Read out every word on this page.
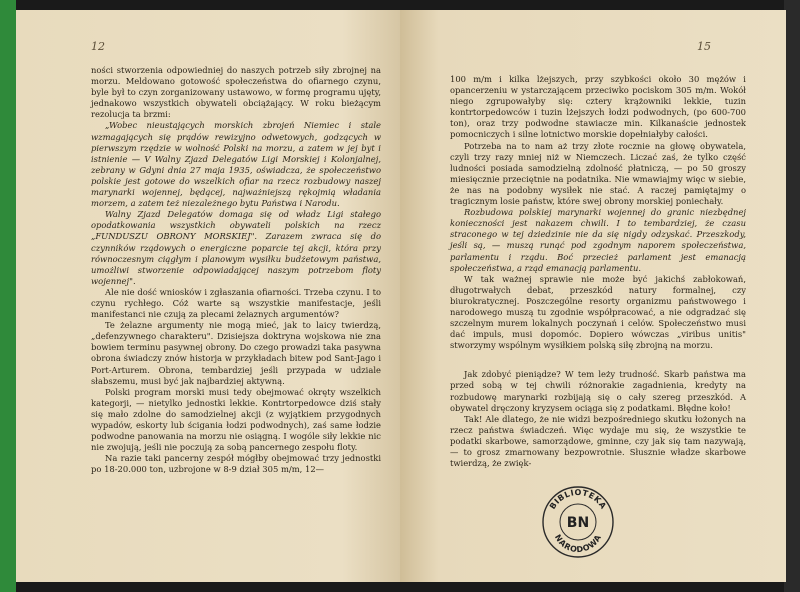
12

ności stworzenia odpowiedniej do naszych potrzeb siły zbrojnej na morzu. Meldowano gotowość społeczeństwa do ofiarnego czynu, byle był to czyn zorganizowany ustawowo, w formę programu ujęty, jednakowo wszystkich obywateli obciążający. W roku bieżącym rezolucja ta brzmi:

„Wobec nieustających morskich zbrojeń Niemiec i stale wzmagających się prądów rewizyjno odwetowych, godzących w pierwszym rzędzie w wolność Polski na morzu, a zatem w jej byt i istnienie — V Walny Zjazd Delegatów Ligi Morskiej i Kolonjalnej, zebrany w Gdyni dnia 27 maja 1935, oświadcza, że społeczeństwo polskie jest gotowe do wszelkich ofiar na rzecz rozbudowy naszej marynarki wojennej, będącej, najważniejszą rękojmią władania morzem, a zatem też niezależnego bytu Państwa i Narodu.

Walny Zjazd Delegatów domaga się od władz Ligi stałego opodatkowania wszystkich obywateli polskich na rzecz „FUNDUSZU OBRONY MORSKIEJ". Zarazem zwraca się do czynników rządowych o energiczne poparcie tej akcji, która przy równoczesnym ciągłym i planowym wysiłku budżetowym państwa, umożliwi stworzenie odpowiadającej naszym potrzebom floty wojennej".

Ale nie dość wniosków i zgłaszania ofiarności. Trzeba czynu. I to czynu rychłego. Cóż warte są wszystkie manifestacje, jeśli manifestanci nie czują za plecami żelaznych argumentów?

Te żelazne argumenty nie mogą mieć, jak to laicy twierdzą, „defenzywnego charakteru". Dzisiejsza doktryna wojskowa nie zna bowiem terminu pasywnej obrony. Do czego prowadzi taka pasywna obrona świadczy znów historja w przykładach bitew pod Sant-Jago i Port-Arturem. Obrona, tembardziej jeśli przypada w udziale słabszemu, musi być jak najbardziej aktywną.

Polski program morski musi tedy obejmować okręty wszelkich kategorji, — nietylko jednostki lekkie. Kontrtorpedowce dziś stały się mało zdolne do samodzielnej akcji (z wyjątkiem przygodnych wypadów, eskorty lub ścigania łodzi podwodnych), zaś same łodzie podwodne panowania na morzu nie osiągną. I wogóle siły lekkie nic nie zwojują, jeśli nie poczują za sobą pancernego zespołu floty.

Na razie taki pancerny zespół mógłby obejmować trzy jednostki po 18-20.000 ton, uzbrojone w 8-9 dział 305 m/m, 12—

15

100 m/m i kilka lżejszych, przy szybkości około 30 mężów i opancerzeniu w ystarczającem przeciwko pociskom 305 m/m. Wokół niego zgrupowałyby się: cztery krążowniki lekkie, tuzin kontrtorpedowców i tuzin lżejszych łodzi podwodnych, (po 600-700 ton), oraz trzy podwodne stawiacze min. Kilkanaście jednostek pomocniczych i silne lotnictwo morskie dopełniałyby całości.

Potrzeba na to nam aż trzy złote rocznie na głowę obywatela, czyli trzy razy mniej niż w Niemczech. Liczać zaś, że tylko część ludności posiada samodzielną zdolność płatniczą, — po 50 groszy miesięcznie przeciętnie na podatnika. Nie wmawiajmy więc w siebie, że nas na podobny wysiłek nie stać. A raczej pamiętajmy o tragicznym losie państw, które swej obrony morskiej poniechały.

Rozbudowa polskiej marynarki wojennej do granic niezbędnej konieczności jest nakazem chwili. I to tembardziej, że czasu straconego w tej dziedzinie nie da się nigdy odzyskać. Przeszkody, jeśli są, — muszą runąć pod zgodnym naporem społeczeństwa, parlamentu i rządu. Boć przecież parlament jest emanacją społeczeństwa, a rząd emanacją parlamentu.

W tak ważnej sprawie nie może być jakichś zabłokowań, długotrwałych debat, przeszkód natury formalnej, czy biurokratycznej. Poszczególne resorty organizmu państwowego i narodowego muszą tu zgodnie współpracować, a nie odgradzać się szczelnym murem lokalnych poczynań i celów. Społeczeństwo musi dać impuls, musi dopomóc. Dopiero wówczas „viribus unitis" stworzymy wspólnym wysiłkiem polską siłę zbrojną na morzu.

Jak zdobyć pieniądze? W tem leży trudność. Skarb państwa ma przed sobą w tej chwili różnorakie zagadnienia, kredyty na rozbudowę marynarki rozbijają się o cały szereg przeszkód. A obywatel dręczony kryzysem ociąga się z podatkami. Błędne koło!

Tak! Ale dlatego, że nie widzi bezpośredniego skutku łożonych na rzecz państwa świadczeń. Więc wydaje mu się, że wszystkie te podatki skarbowe, samorządowe, gminne, czy jak się tam nazywają, — to grosz zmarnowany bezpowrotnie. Słusznie władze skarbowe twierdzą, że zwięk-

BIBLIOTEKA
BN
NARODOWA
